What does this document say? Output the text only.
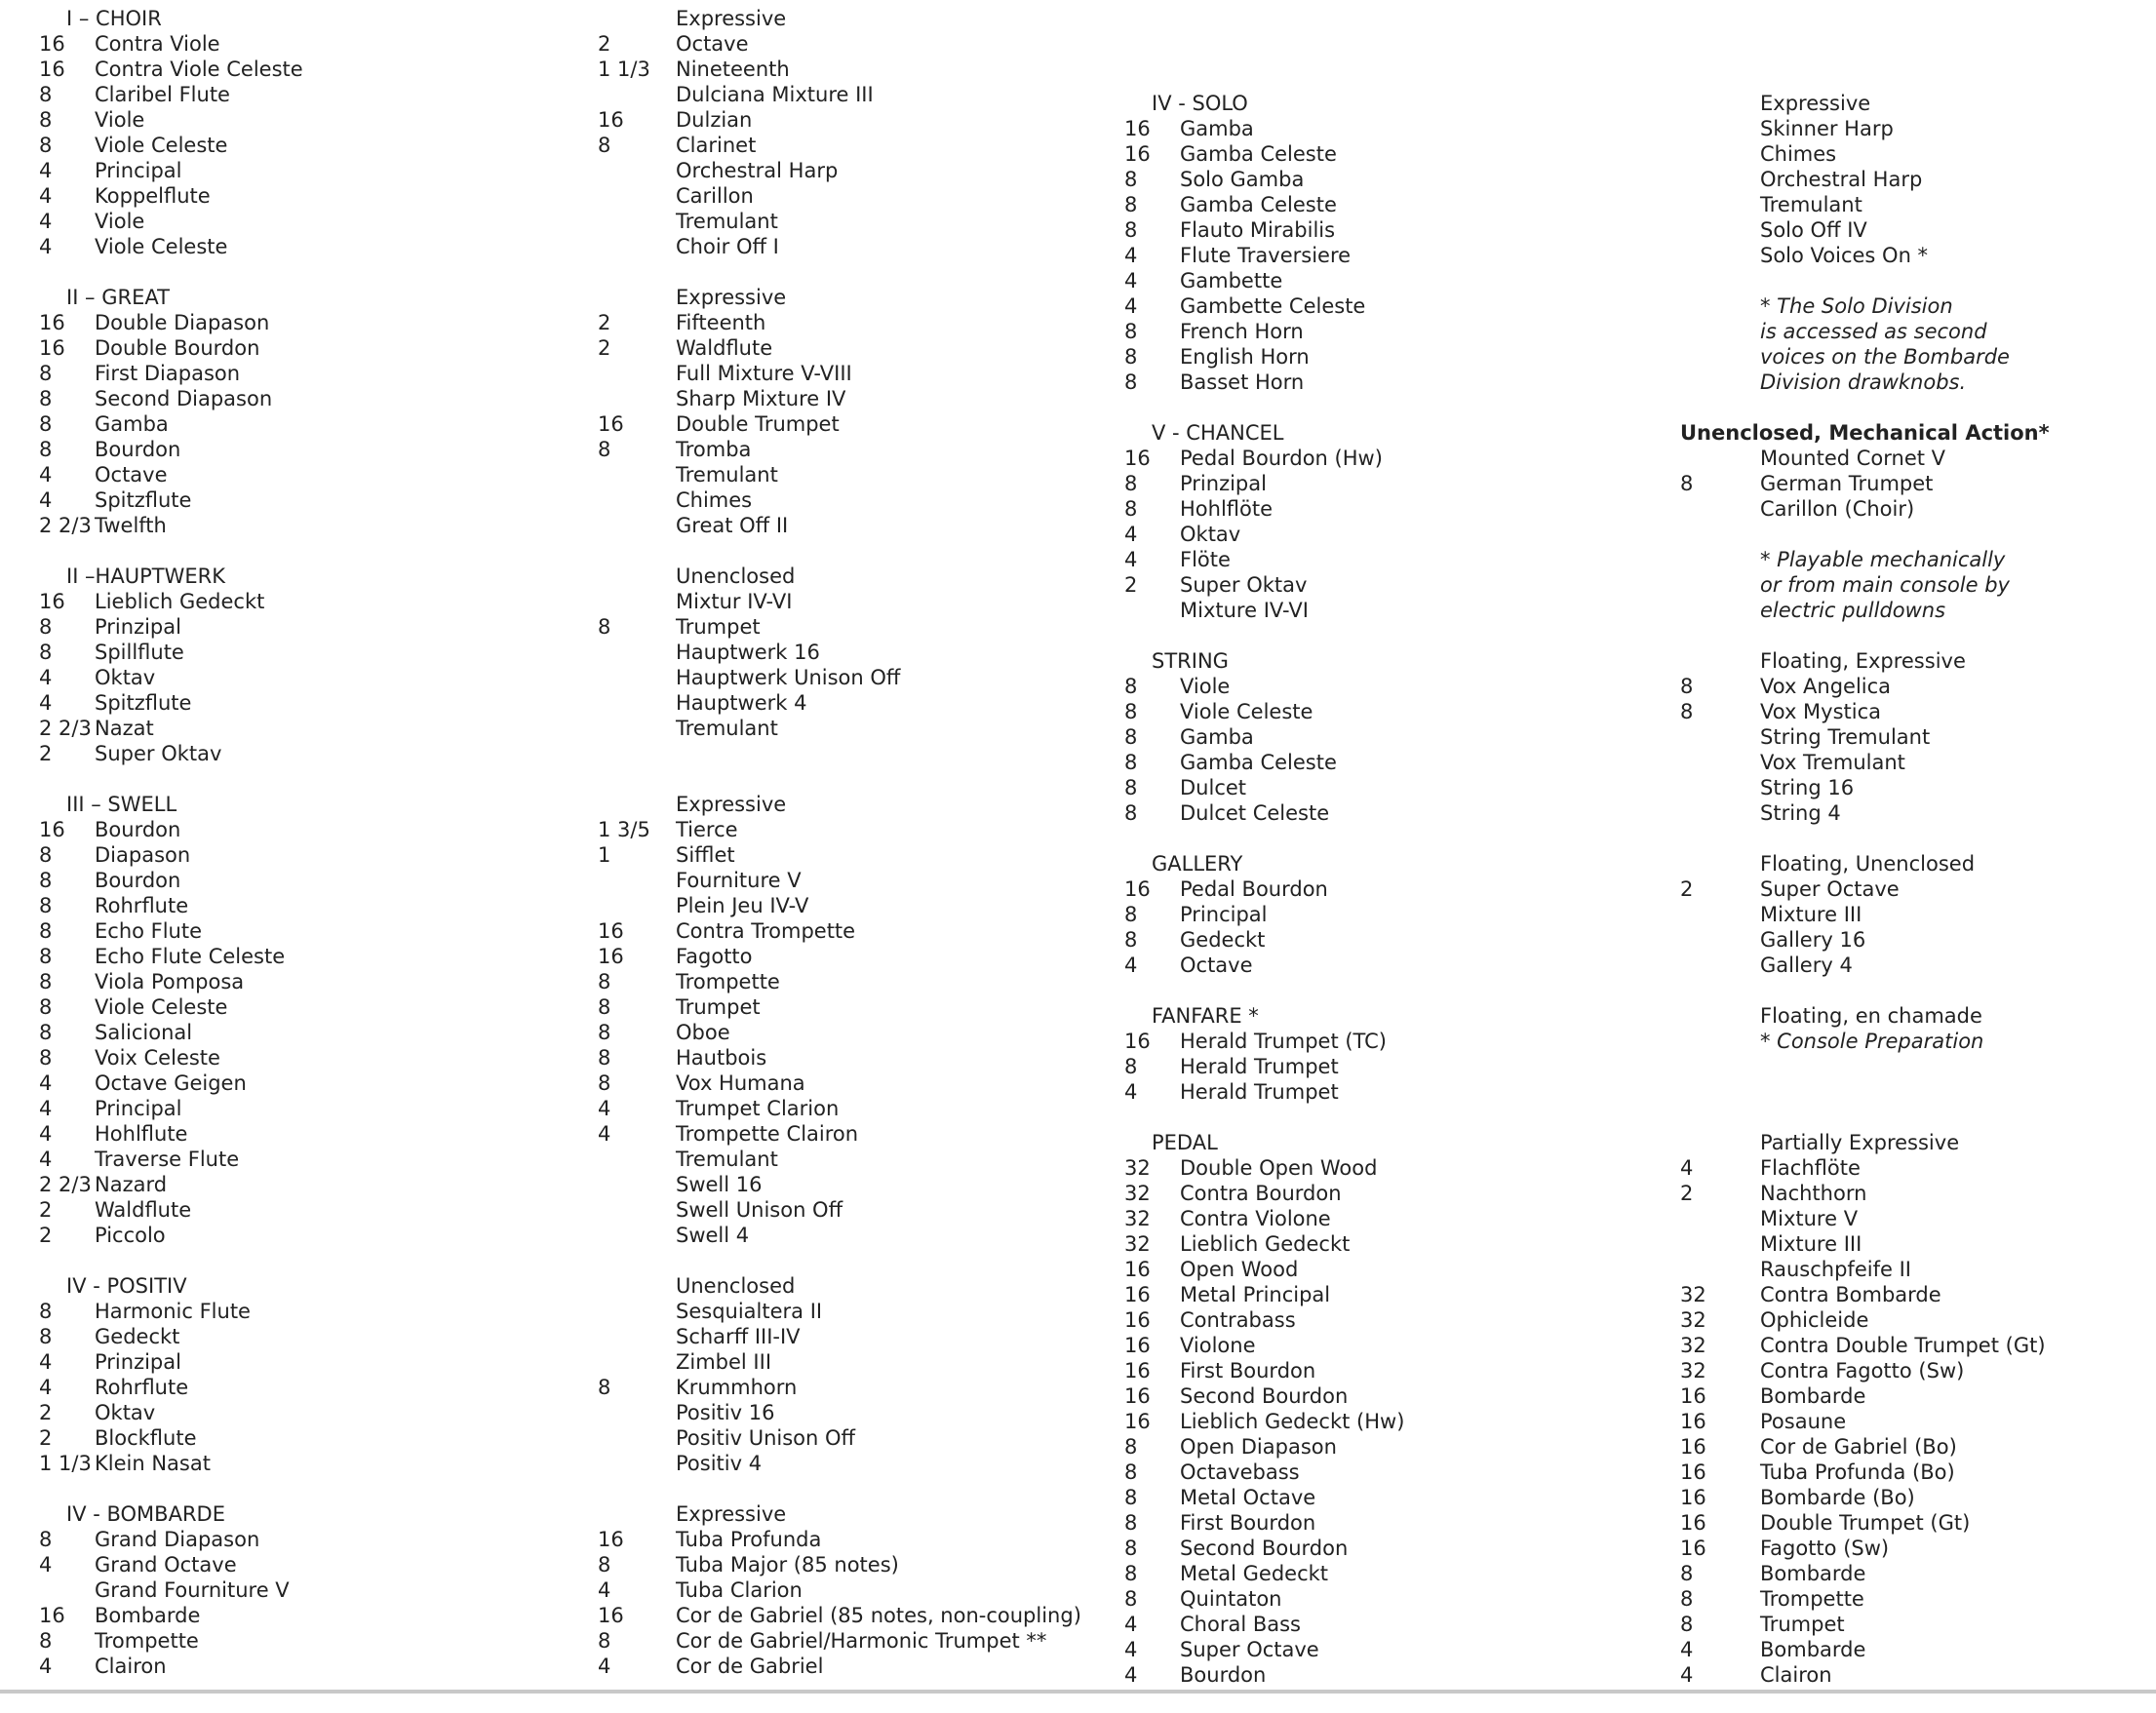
I – CHOIR
16	Contra Viole
16	Contra Viole Celeste
8	Claribel Flute
8	Viole
8	Viole Celeste
4	Principal
4	Koppelflute
4	Viole
4	Viole Celeste
II – GREAT
16	Double Diapason
16	Double Bourdon
8	First Diapason
8	Second Diapason
8	Gamba
8	Bourdon
4	Octave
4	Spitzflute
2 2/3 Twelfth
II –HAUPTWERK
16	Lieblich Gedeckt
8	Prinzipal
8	Spillflute
4	Oktav
4	Spitzflute
2 2/3 Nazat
2	Super Oktav
III – SWELL
16	Bourdon
8	Diapason
8	Bourdon
8	Rohrflute
8	Echo Flute
8	Echo Flute Celeste
8	Viola Pomposa
8	Viole Celeste
8	Salicional
8	Voix Celeste
4	Octave Geigen
4	Principal
4	Hohlflute
4	Traverse Flute
2 2/3 Nazard
2	Waldflute
2	Piccolo
IV - POSITIV
8	Harmonic Flute
8	Gedeckt
4	Prinzipal
4	Rohrflute
2	Oktav
2	Blockflute
1 1/3 Klein Nasat
IV - BOMBARDE
8	Grand Diapason
4	Grand Octave
Grand Fourniture V
16	Bombarde
8	Trompette
4	Clairon
Expressive
2	Octave
1 1/3	Nineteenth
Dulciana Mixture III
16	Dulzian
8	Clarinet
Orchestral Harp
Carillon
Tremulant
Choir Off I
Expressive
2	Fifteenth
2	Waldflute
Full Mixture V-VIII
Sharp Mixture IV
16	Double Trumpet
8	Tromba
Tremulant
Chimes
Great Off II
Unenclosed
Mixtur IV-VI
8	Trumpet
Hauptwerk 16
Hauptwerk Unison Off
Hauptwerk 4
Tremulant
Expressive
1 3/5	Tierce
1	Sifflet
Fourniture V
Plein Jeu IV-V
16	Contra Trompette
16	Fagotto
8	Trompette
8	Trumpet
8	Oboe
8	Hautbois
8	Vox Humana
4	Trumpet Clarion
4	Trompette Clairon
Tremulant
Swell 16
Swell Unison Off
Swell 4
Unenclosed
Sesquialtera II
Scharff III-IV
Zimbel III
8	Krummhorn
Positiv 16
Positiv Unison Off
Positiv 4
Expressive
16	Tuba Profunda
8	Tuba Major (85 notes)
4	Tuba Clarion
16	Cor de Gabriel (85 notes, non-coupling)
8	Cor de Gabriel/Harmonic Trumpet **
4	Cor de Gabriel
IV - SOLO
16	Gamba
16	Gamba Celeste
8	Solo Gamba
8	Gamba Celeste
8	Flauto Mirabilis
4	Flute Traversiere
4	Gambette
4	Gambette Celeste
8	French Horn
8	English Horn
8	Basset Horn
V - CHANCEL
16	Pedal Bourdon (Hw)
8	Prinzipal
8	Hohlflöte
4	Oktav
4	Flöte
2	Super Oktav
Mixture IV-VI
STRING
8	Viole
8	Viole Celeste
8	Gamba
8	Gamba Celeste
8	Dulcet
8	Dulcet Celeste
GALLERY
16	Pedal Bourdon
8	Principal
8	Gedeckt
4	Octave
FANFARE *
16	Herald Trumpet (TC)
8	Herald Trumpet
4	Herald Trumpet
PEDAL
32	Double Open Wood
32	Contra Bourdon
32	Contra Violone
32	Lieblich Gedeckt
16	Open Wood
16	Metal Principal
16	Contrabass
16	Violone
16	First Bourdon
16	Second Bourdon
16	Lieblich Gedeckt (Hw)
8	Open Diapason
8	Octavebass
8	Metal Octave
8	First Bourdon
8	Second Bourdon
8	Metal Gedeckt
8	Quintaton
4	Choral Bass
4	Super Octave
4	Bourdon
Expressive
Skinner Harp
Chimes
Orchestral Harp
Tremulant
Solo Off IV
Solo Voices On *
* The Solo Division
is accessed as second
voices on the Bombarde
Division drawknobs.
Unenclosed, Mechanical Action*
Mounted Cornet V
8	German Trumpet
Carillon (Choir)
* Playable mechanically
or from main console by
electric pulldowns
Floating, Expressive
8	Vox Angelica
8	Vox Mystica
String Tremulant
Vox Tremulant
String 16
String 4
Floating, Unenclosed
2	Super Octave
Mixture III
Gallery 16
Gallery 4
Floating, en chamade
* Console Preparation
Partially Expressive
4	Flachflöte
2	Nachthorn
Mixture V
Mixture III
Rauschpfeife II
32	Contra Bombarde
32	Ophicleide
32	Contra Double Trumpet (Gt)
32	Contra Fagotto (Sw)
16	Bombarde
16	Posaune
16	Cor de Gabriel (Bo)
16	Tuba Profunda (Bo)
16	Bombarde (Bo)
16	Double Trumpet (Gt)
16	Fagotto (Sw)
8	Bombarde
8	Trompette
8	Trumpet
4	Bombarde
4	Clairon
